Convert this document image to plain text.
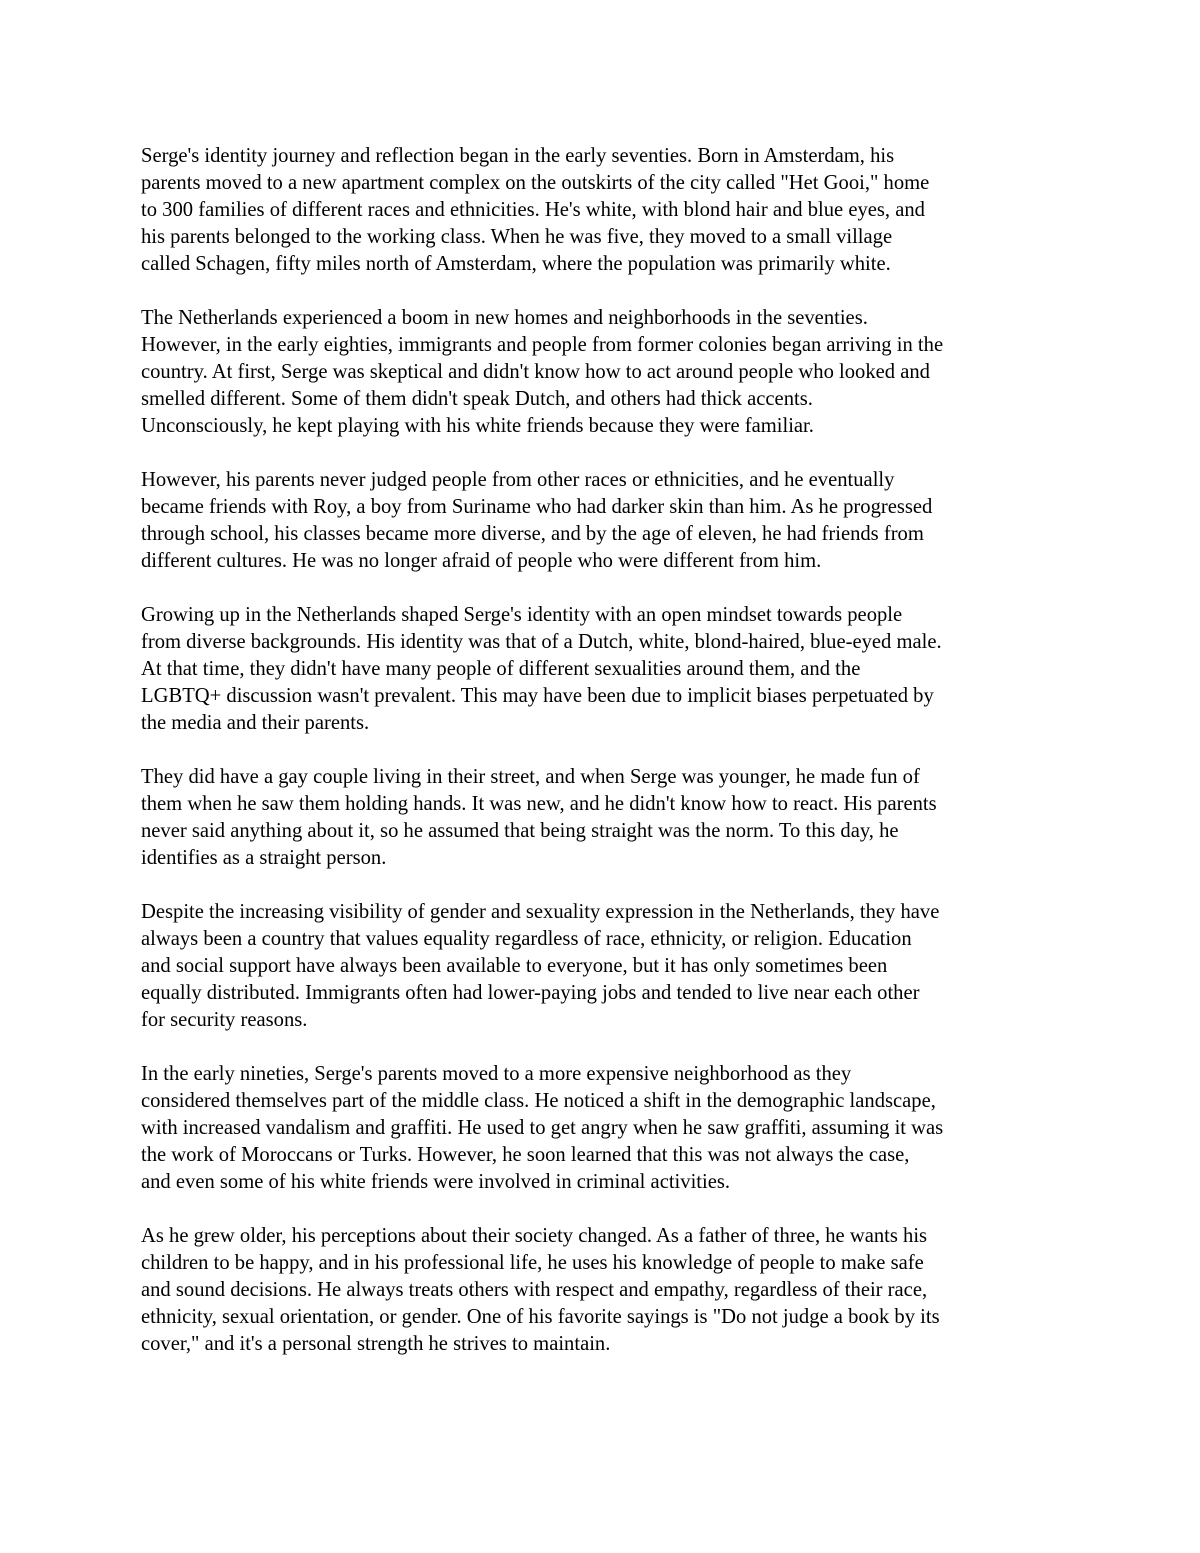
Serge's identity journey and reflection began in the early seventies. Born in Amsterdam, his
parents moved to a new apartment complex on the outskirts of the city called "Het Gooi," home
to 300 families of different races and ethnicities. He's white, with blond hair and blue eyes, and
his parents belonged to the working class. When he was five, they moved to a small village
called Schagen, fifty miles north of Amsterdam, where the population was primarily white.

The Netherlands experienced a boom in new homes and neighborhoods in the seventies.
However, in the early eighties, immigrants and people from former colonies began arriving in the
country. At first, Serge was skeptical and didn't know how to act around people who looked and
smelled different. Some of them didn't speak Dutch, and others had thick accents.
Unconsciously, he kept playing with his white friends because they were familiar.

However, his parents never judged people from other races or ethnicities, and he eventually
became friends with Roy, a boy from Suriname who had darker skin than him. As he progressed
through school, his classes became more diverse, and by the age of eleven, he had friends from
different cultures. He was no longer afraid of people who were different from him.

Growing up in the Netherlands shaped Serge's identity with an open mindset towards people
from diverse backgrounds. His identity was that of a Dutch, white, blond-haired, blue-eyed male.
At that time, they didn't have many people of different sexualities around them, and the
LGBTQ+ discussion wasn't prevalent. This may have been due to implicit biases perpetuated by
the media and their parents.

They did have a gay couple living in their street, and when Serge was younger, he made fun of
them when he saw them holding hands. It was new, and he didn't know how to react. His parents
never said anything about it, so he assumed that being straight was the norm. To this day, he
identifies as a straight person.

Despite the increasing visibility of gender and sexuality expression in the Netherlands, they have
always been a country that values equality regardless of race, ethnicity, or religion. Education
and social support have always been available to everyone, but it has only sometimes been
equally distributed. Immigrants often had lower-paying jobs and tended to live near each other
for security reasons.

In the early nineties, Serge's parents moved to a more expensive neighborhood as they
considered themselves part of the middle class. He noticed a shift in the demographic landscape,
with increased vandalism and graffiti. He used to get angry when he saw graffiti, assuming it was
the work of Moroccans or Turks. However, he soon learned that this was not always the case,
and even some of his white friends were involved in criminal activities.

As he grew older, his perceptions about their society changed. As a father of three, he wants his
children to be happy, and in his professional life, he uses his knowledge of people to make safe
and sound decisions. He always treats others with respect and empathy, regardless of their race,
ethnicity, sexual orientation, or gender. One of his favorite sayings is "Do not judge a book by its
cover," and it's a personal strength he strives to maintain.
